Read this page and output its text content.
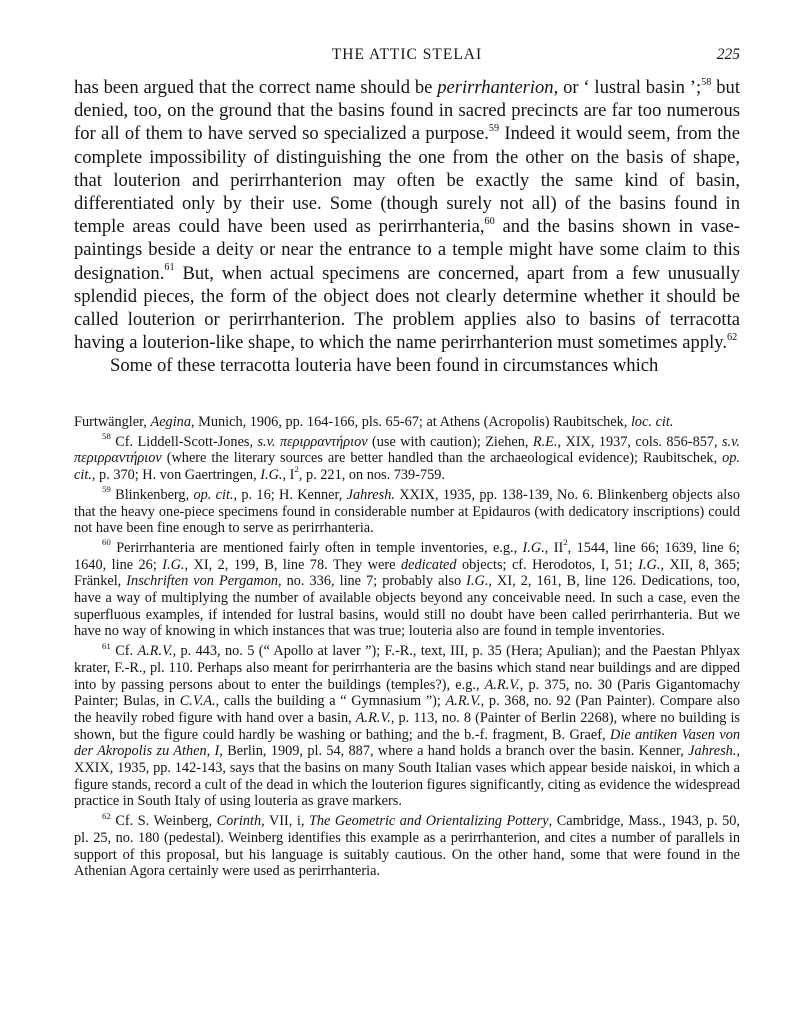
THE ATTIC STELAI	225

has been argued that the correct name should be perirrhanterion, or ‘ lustral basin ’;$^{58}$ but denied, too, on the ground that the basins found in sacred precincts are far too numerous for all of them to have served so specialized a purpose.$^{59}$ Indeed it would seem, from the complete impossibility of distinguishing the one from the other on the basis of shape, that louterion and perirrhanterion may often be exactly the same kind of basin, differentiated only by their use. Some (though surely not all) of the basins found in temple areas could have been used as perirrhanteria,$^{60}$ and the basins shown in vase-paintings beside a deity or near the entrance to a temple might have some claim to this designation.$^{61}$ But, when actual specimens are concerned, apart from a few unusually splendid pieces, the form of the object does not clearly determine whether it should be called louterion or perirrhanterion. The problem applies also to basins of terracotta having a louterion-like shape, to which the name perirrhanterion must sometimes apply.$^{62}$

Some of these terracotta louteria have been found in circumstances which

Furtwängler, Aegina, Munich, 1906, pp. 164-166, pls. 65-67; at Athens (Acropolis) Raubitschek, loc. cit.

$^{58}$ Cf. Liddell-Scott-Jones, s.v. περιρραντήριον (use with caution); Ziehen, R.E., XIX, 1937, cols. 856-857, s.v. περιρραντήριον (where the literary sources are better handled than the archaeological evidence); Raubitschek, op. cit., p. 370; H. von Gaertringen, I.G., $I^2$, p. 221, on nos. 739-759.

$^{59}$ Blinkenberg, op. cit., p. 16; H. Kenner, Jahresh. XXIX, 1935, pp. 138-139, No. 6. Blinkenberg objects also that the heavy one-piece specimens found in considerable number at Epidauros (with dedicatory inscriptions) could not have been fine enough to serve as perirrhanteria.

$^{60}$ Perirrhanteria are mentioned fairly often in temple inventories, e.g., I.G., $II^2$, 1544, line 66; 1639, line 6; 1640, line 26; I.G., XI, 2, 199, B, line 78. They were dedicated objects; cf. Herodotos, I, 51; I.G., XII, 8, 365; Fränkel, Inschriften von Pergamon, no. 336, line 7; probably also I.G., XI, 2, 161, B, line 126. Dedications, too, have a way of multiplying the number of available objects beyond any conceivable need. In such a case, even the superfluous examples, if intended for lustral basins, would still no doubt have been called perirrhanteria. But we have no way of knowing in which instances that was true; louteria also are found in temple inventories.

$^{61}$ Cf. A.R.V., p. 443, no. 5 (“ Apollo at laver ”); F.-R., text, III, p. 35 (Hera; Apulian); and the Paestan Phlyax krater, F.-R., pl. 110. Perhaps also meant for perirrhanteria are the basins which stand near buildings and are dipped into by passing persons about to enter the buildings (temples?), e.g., A.R.V., p. 375, no. 30 (Paris Gigantomachy Painter; Bulas, in C.V.A., calls the building a “ Gymnasium ”); A.R.V., p. 368, no. 92 (Pan Painter). Compare also the heavily robed figure with hand over a basin, A.R.V., p. 113, no. 8 (Painter of Berlin 2268), where no building is shown, but the figure could hardly be washing or bathing; and the b.-f. fragment, B. Graef, Die antiken Vasen von der Akropolis zu Athen, I, Berlin, 1909, pl. 54, 887, where a hand holds a branch over the basin. Kenner, Jahresh., XXIX, 1935, pp. 142-143, says that the basins on many South Italian vases which appear beside naiskoi, in which a figure stands, record a cult of the dead in which the louterion figures significantly, citing as evidence the widespread practice in South Italy of using louteria as grave markers.

$^{62}$ Cf. S. Weinberg, Corinth, VII, i, The Geometric and Orientalizing Pottery, Cambridge, Mass., 1943, p. 50, pl. 25, no. 180 (pedestal). Weinberg identifies this example as a perirrhanterion, and cites a number of parallels in support of this proposal, but his language is suitably cautious. On the other hand, some that were found in the Athenian Agora certainly were used as perirrhanteria.
